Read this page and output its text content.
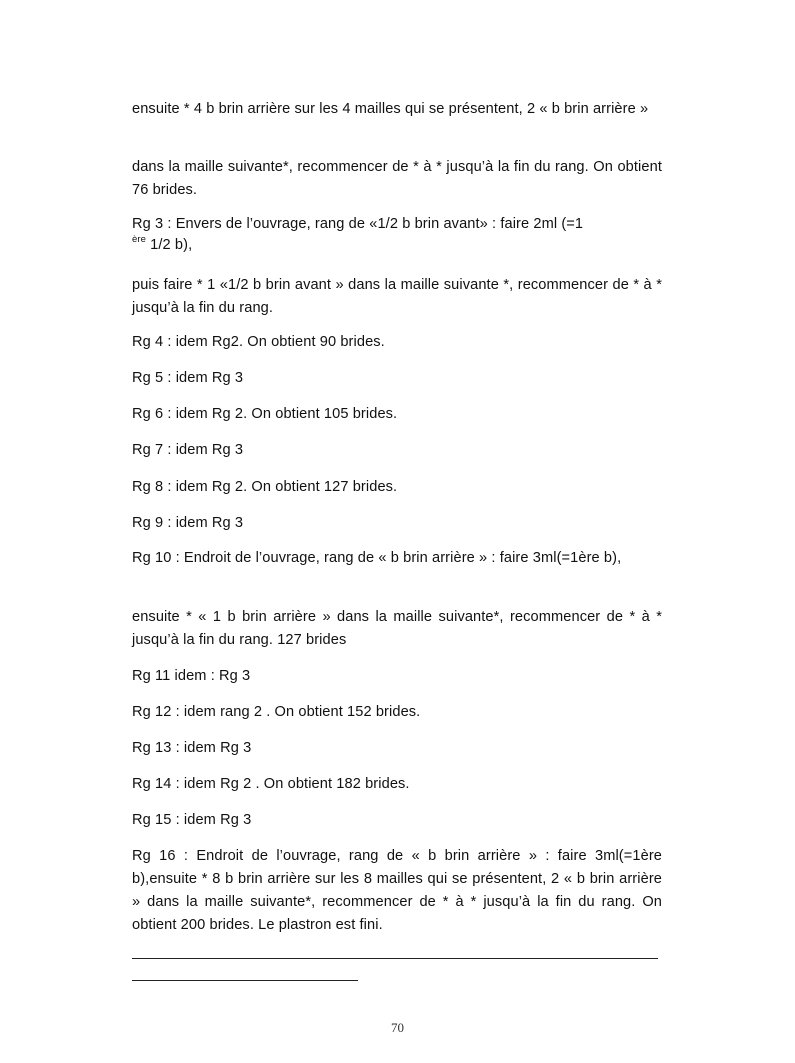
ensuite * 4 b brin arrière sur les 4 mailles qui se présentent, 2 « b brin arrière »

dans la maille suivante*, recommencer de * à * jusqu’à la fin du rang. On obtient 76 brides.

Rg 3 : Envers de l’ouvrage, rang de «1/2 b brin avant» : faire 2ml (=1
$^{ère}$ 1/2 b),

puis faire * 1 «1/2 b brin avant » dans la maille suivante *, recommencer de * à * jusqu’à la fin du rang.

Rg 4 : idem Rg2. On obtient 90 brides.

Rg 5 : idem Rg 3

Rg 6 : idem Rg 2. On obtient 105 brides.

Rg 7 : idem Rg 3

Rg 8 : idem Rg 2. On obtient 127 brides.

Rg 9 : idem Rg 3

Rg 10 : Endroit de l’ouvrage, rang de « b brin arrière » : faire 3ml(=1ère b),

ensuite * « 1 b brin arrière » dans la maille suivante*, recommencer de * à * jusqu’à la fin du rang. 127 brides

Rg 11 idem : Rg 3

Rg 12 : idem rang 2 . On obtient 152 brides.

Rg 13 : idem Rg 3

Rg 14 : idem Rg 2 . On obtient 182 brides.

Rg 15 : idem Rg 3

Rg 16 : Endroit de l’ouvrage, rang de « b brin arrière » : faire 3ml(=1ère b),ensuite * 8 b brin arrière sur les 8 mailles qui se présentent, 2 « b brin arrière » dans la maille suivante*, recommencer de * à * jusqu’à la fin du rang. On obtient 200 brides. Le plastron est fini.

70
